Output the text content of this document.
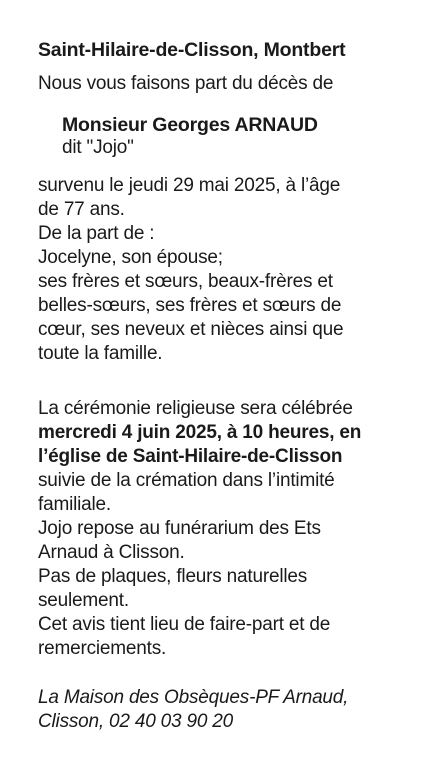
Saint-Hilaire-de-Clisson, Montbert
Nous vous faisons part du décès de
Monsieur Georges ARNAUD
dit "Jojo"
survenu le jeudi 29 mai 2025, à l’âge
de 77 ans.
De la part de :
Jocelyne, son épouse;
ses frères et sœurs, beaux-frères et
belles-sœurs, ses frères et sœurs de
cœur, ses neveux et nièces ainsi que
toute la famille.
La cérémonie religieuse sera célébrée
mercredi 4 juin 2025, à 10 heures, en
l’église de Saint-Hilaire-de-Clisson
suivie de la crémation dans l’intimité
familiale.
Jojo repose au funérarium des Ets
Arnaud à Clisson.
Pas de plaques, fleurs naturelles
seulement.
Cet avis tient lieu de faire-part et de
remerciements.
La Maison des Obsèques-PF Arnaud,
Clisson, 02 40 03 90 20
